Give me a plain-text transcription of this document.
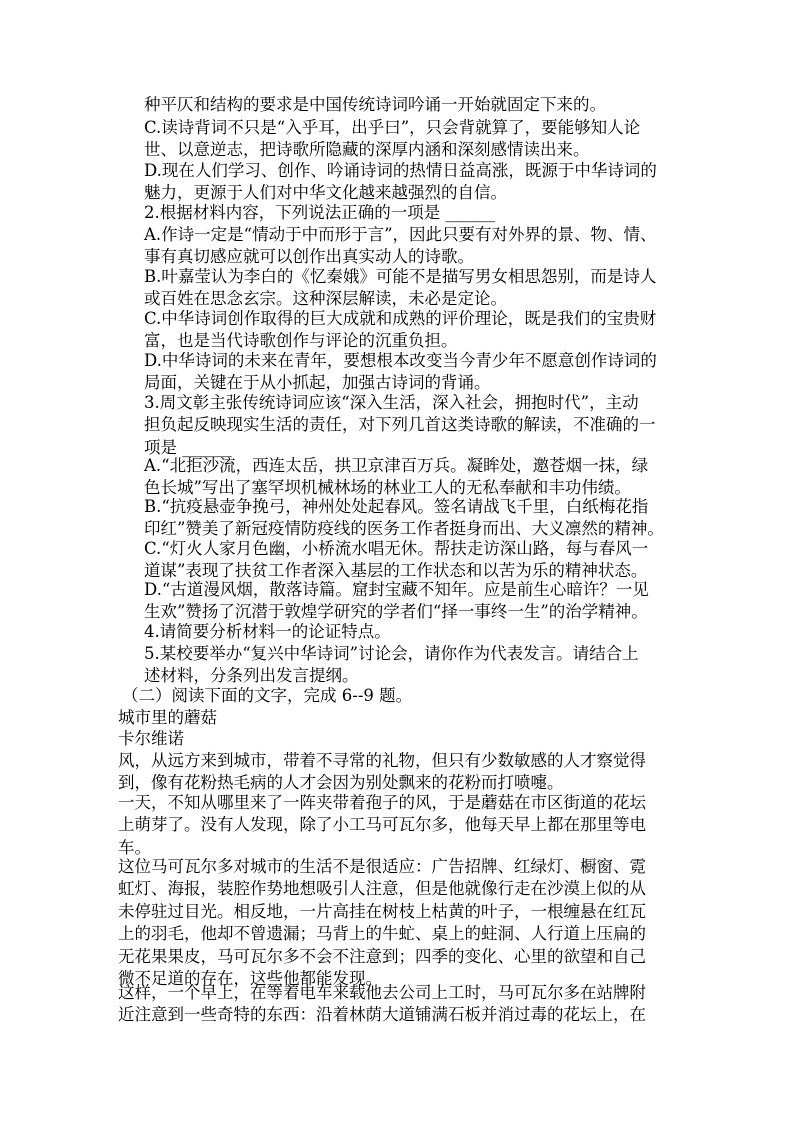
种平仄和结构的要求是中国传统诗词吟诵一开始就固定下来的。

C.读诗背词不只是“入乎耳，出乎曰”，只会背就算了，要能够知人论
世、以意逆志，把诗歌所隐藏的深厚内涵和深刻感情读出来。

D.现在人们学习、创作、吟诵诗词的热情日益高涨，既源于中华诗词的
魅力，更源于人们对中华文化越来越强烈的自信。

2.根据材料内容，下列说法正确的一项是 ______

A.作诗一定是“情动于中而形于言”，因此只要有对外界的景、物、情、
事有真切感应就可以创作出真实动人的诗歌。

B.叶嘉莹认为李白的《忆秦娥》可能不是描写男女相思怨别，而是诗人
或百姓在思念玄宗。这种深层解读，未必是定论。

C.中华诗词创作取得的巨大成就和成熟的评价理论，既是我们的宝贵财
富，也是当代诗歌创作与评论的沉重负担。

D.中华诗词的未来在青年，要想根本改变当今青少年不愿意创作诗词的
局面，关键在于从小抓起，加强古诗词的背诵。

3.周文彰主张传统诗词应该“深入生活，深入社会，拥抱时代”，主动
担负起反映现实生活的责任，对下列几首这类诗歌的解读，不准确的一
项是 ______

A.“北拒沙流，西连太岳，拱卫京津百万兵。凝眸处，邀苍烟一抹，绿
色长城”写出了塞罕坝机械林场的林业工人的无私奉献和丰功伟绩。

B.“抗疫悬壶争挽弓，神州处处起春风。签名请战飞千里，白纸梅花指
印红”赞美了新冠疫情防疫线的医务工作者挺身而出、大义凛然的精神。

C.“灯火人家月色幽，小桥流水唱无休。帮扶走访深山路，每与春风一
道谋”表现了扶贫工作者深入基层的工作状态和以苦为乐的精神状态。

D.“古道漫风烟，散落诗篇。窟封宝藏不知年。应是前生心暗许？一见
生欢”赞扬了沉潜于敦煌学研究的学者们“择一事终一生”的治学精神。

4.请简要分析材料一的论证特点。

5.某校要举办“复兴中华诗词”讨论会，请你作为代表发言。请结合上
述材料，分条列出发言提纲。

（二）阅读下面的文字，完成 6--9 题。

城市里的蘑菇

卡尔维诺

风，从远方来到城市，带着不寻常的礼物，但只有少数敏感的人才察觉得
到，像有花粉热毛病的人才会因为别处飘来的花粉而打喷嚏。

一天，不知从哪里来了一阵夹带着孢子的风，于是蘑菇在市区街道的花坛
上萌芽了。没有人发现，除了小工马可瓦尔多，他每天早上都在那里等电
车。

这位马可瓦尔多对城市的生活不是很适应：广告招牌、红绿灯、橱窗、霓
虹灯、海报，装腔作势地想吸引人注意，但是他就像行走在沙漠上似的从
未停驻过目光。相反地，一片高挂在树枝上枯黄的叶子，一根缠悬在红瓦
上的羽毛，他却不曾遗漏；马背上的牛虻、桌上的蛀洞、人行道上压扁的
无花果果皮，马可瓦尔多不会不注意到；四季的变化、心里的欲望和自己
微不足道的存在，这些他都能发现。

这样，一个早上，在等着电车来载他去公司上工时，马可瓦尔多在站牌附
近注意到一些奇特的东西：沿着林荫大道铺满石板并消过毒的花坛上，在
